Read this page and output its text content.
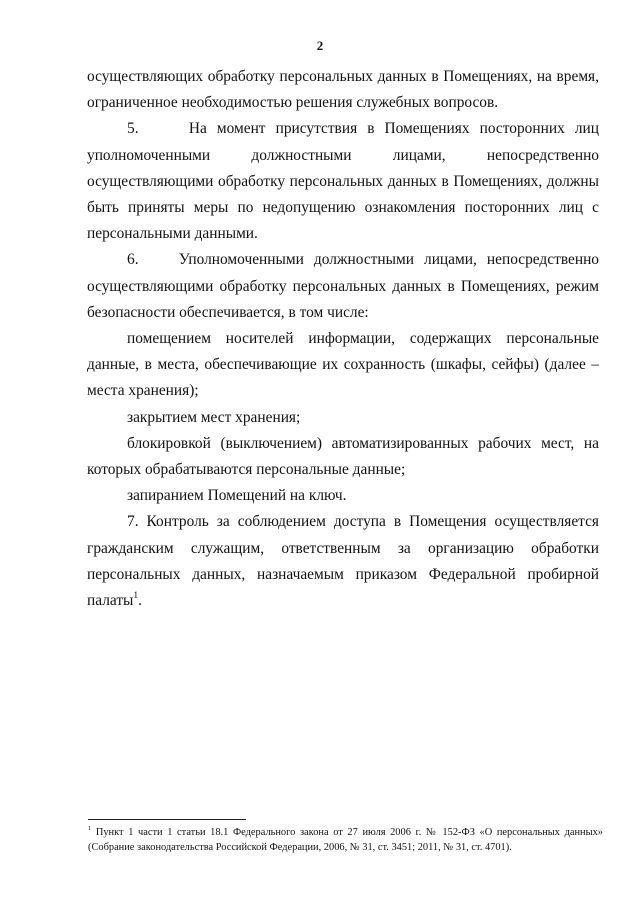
2

осуществляющих обработку персональных данных в Помещениях, на время, ограниченное необходимостью решения служебных вопросов.

5.     На момент присутствия в Помещениях посторонних лиц уполномоченными должностными лицами, непосредственно осуществляющими обработку персональных данных в Помещениях, должны быть приняты меры по недопущению ознакомления посторонних лиц с персональными данными.

6.    Уполномоченными должностными лицами, непосредственно осуществляющими обработку персональных данных в Помещениях, режим безопасности обеспечивается, в том числе:

помещением носителей информации, содержащих персональные данные, в места, обеспечивающие их сохранность (шкафы, сейфы) (далее – места хранения);

закрытием мест хранения;

блокировкой (выключением) автоматизированных рабочих мест, на которых обрабатываются персональные данные;

запиранием Помещений на ключ.

7. Контроль за соблюдением доступа в Помещения осуществляется гражданским служащим, ответственным за организацию обработки персональных данных, назначаемым приказом Федеральной пробирной палаты$^1$.

$^1$ Пункт 1 части 1 статьи 18.1 Федерального закона от 27 июля 2006 г. № 152-ФЗ «О персональных данных» (Собрание законодательства Российской Федерации, 2006, № 31, ст. 3451; 2011, № 31, ст. 4701).
